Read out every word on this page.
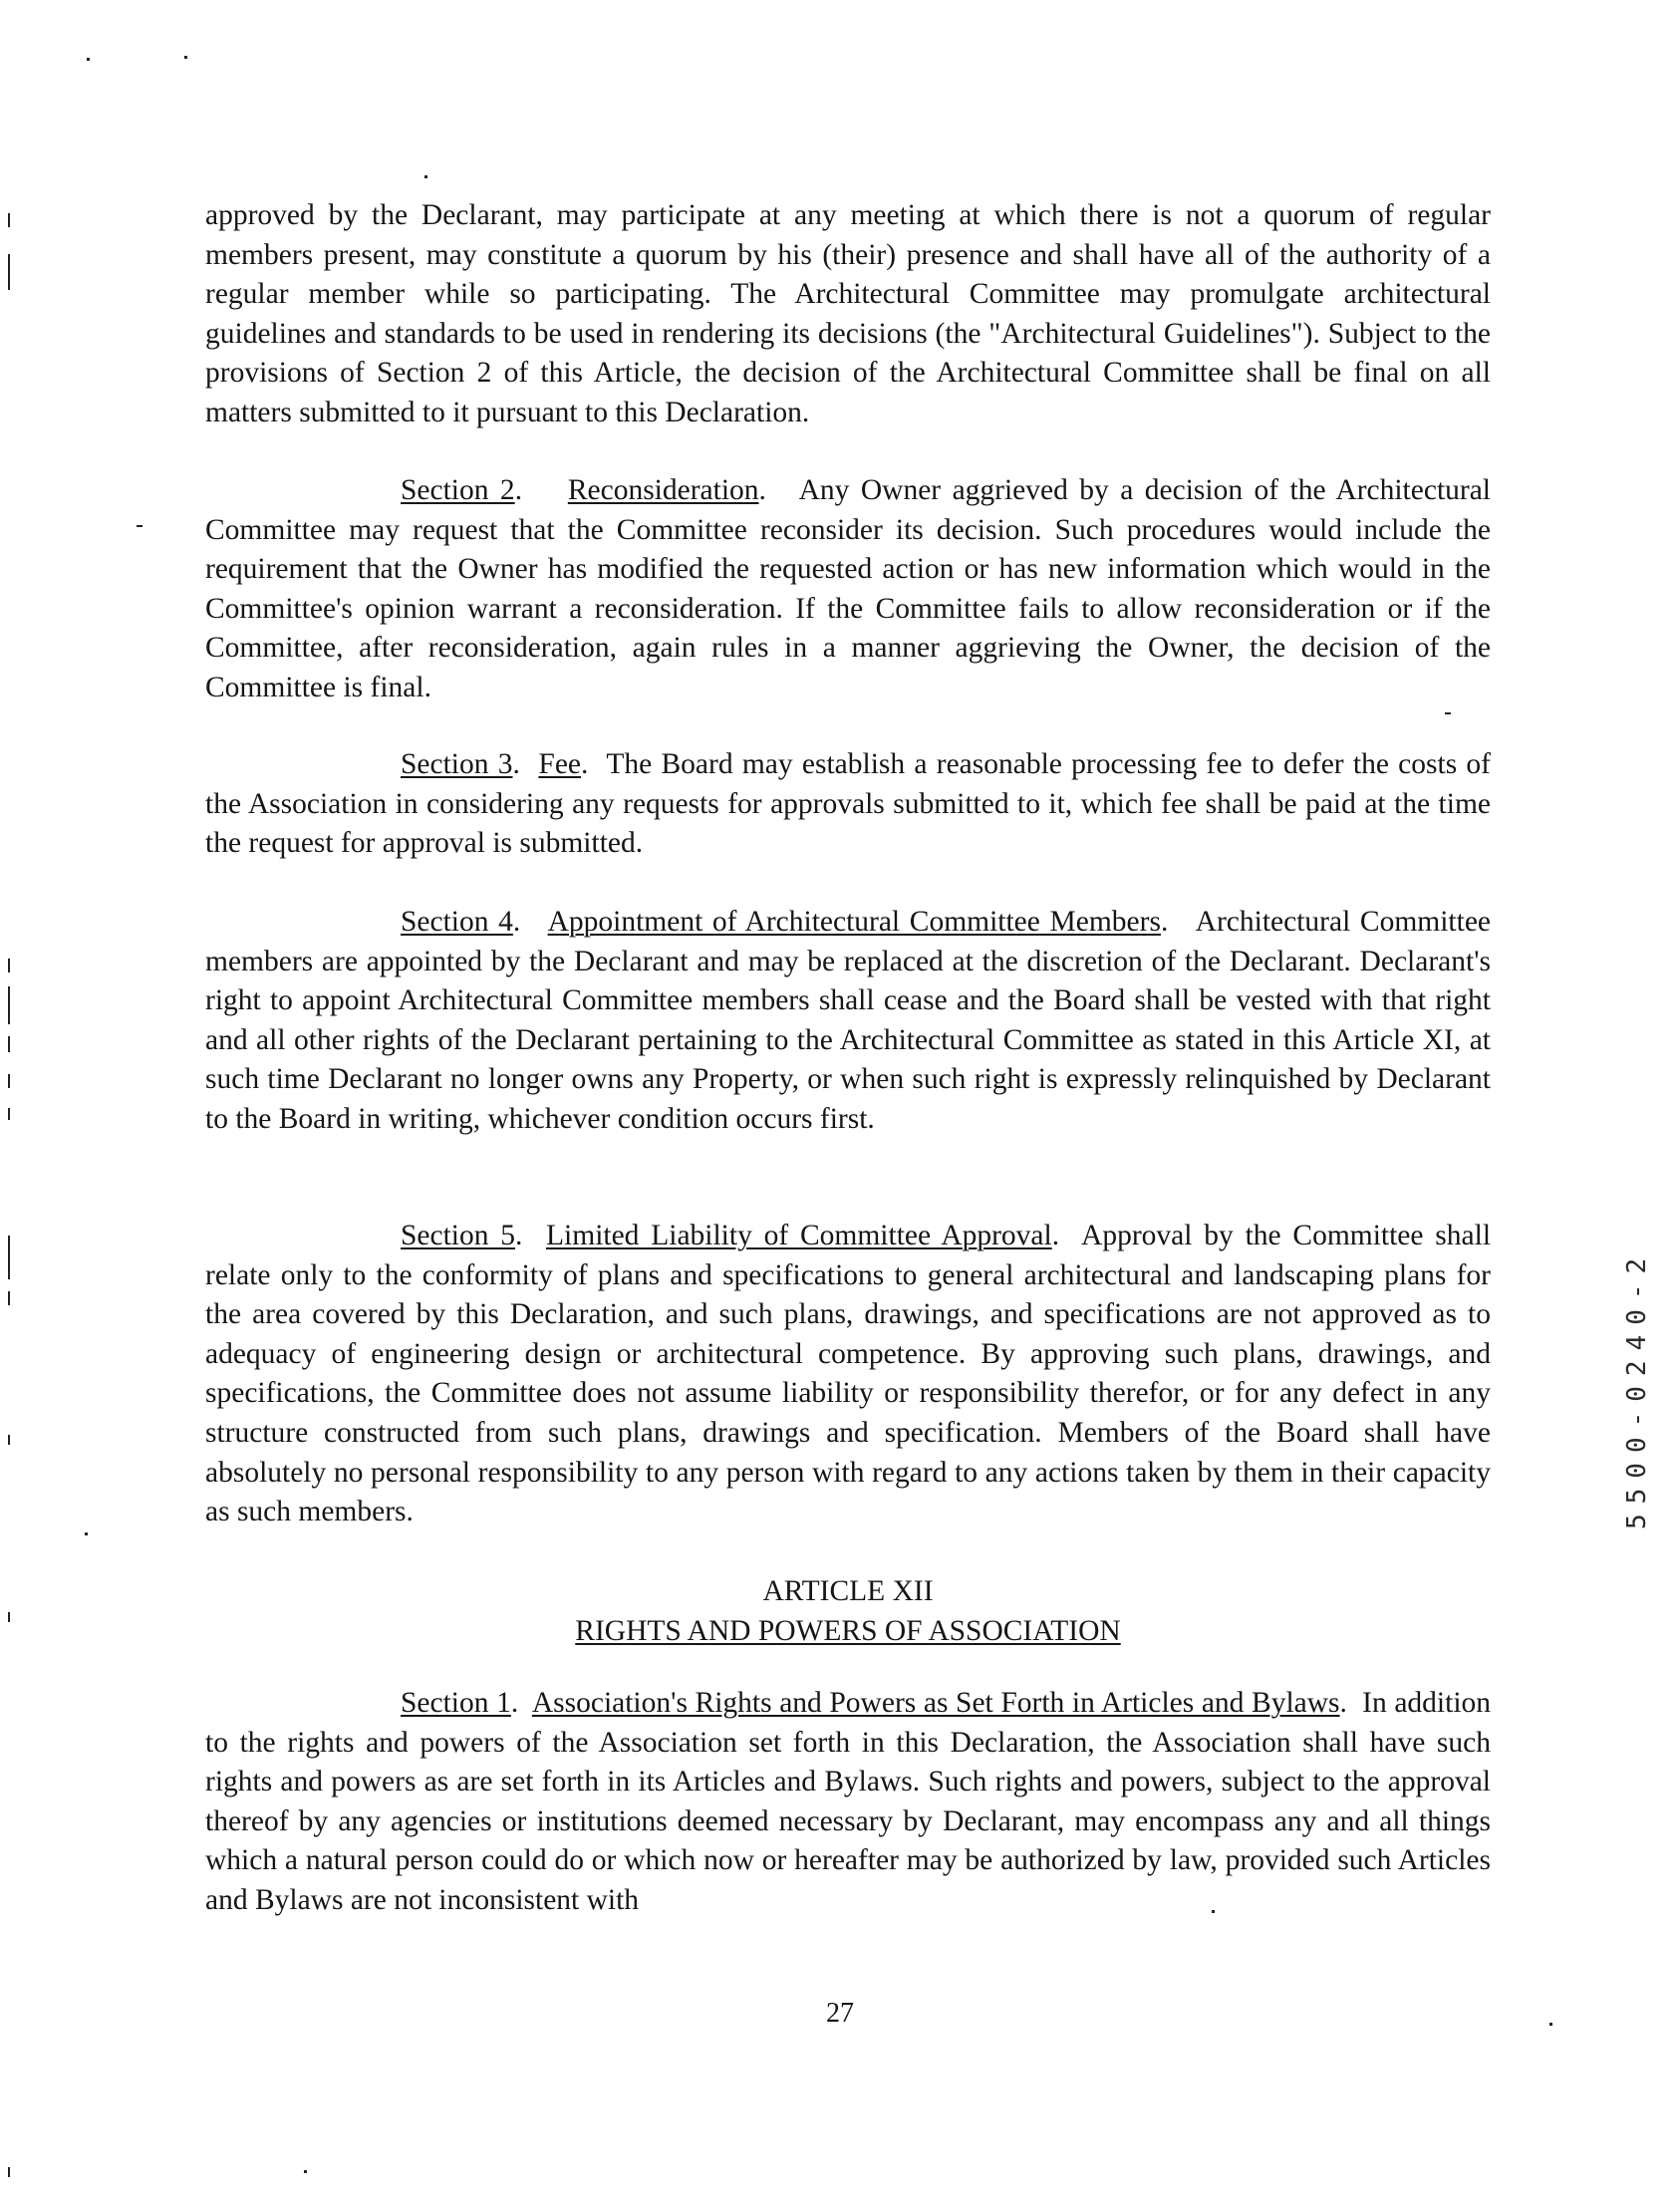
approved by the Declarant, may participate at any meeting at which there is not a quorum of regular members present, may constitute a quorum by his (their) presence and shall have all of the authority of a regular member while so participating. The Architectural Committee may promulgate architectural guidelines and standards to be used in rendering its decisions (the "Architectural Guidelines"). Subject to the provisions of Section 2 of this Article, the decision of the Architectural Committee shall be final on all matters submitted to it pursuant to this Declaration.

Section 2.    Reconsideration.   Any Owner aggrieved by a decision of the Architectural Committee may request that the Committee reconsider its decision. Such procedures would include the requirement that the Owner has modified the requested action or has new information which would in the Committee's opinion warrant a reconsideration. If the Committee fails to allow reconsideration or if the Committee, after reconsideration, again rules in a manner aggrieving the Owner, the decision of the Committee is final.

Section 3.  Fee.  The Board may establish a reasonable processing fee to defer the costs of the Association in considering any requests for approvals submitted to it, which fee shall be paid at the time the request for approval is submitted.

Section 4.   Appointment of Architectural Committee Members.   Architectural Committee members are appointed by the Declarant and may be replaced at the discretion of the Declarant. Declarant's right to appoint Architectural Committee members shall cease and the Board shall be vested with that right and all other rights of the Declarant pertaining to the Architectural Committee as stated in this Article XI, at such time Declarant no longer owns any Property, or when such right is expressly relinquished by Declarant to the Board in writing, whichever condition occurs first.

Section 5.  Limited Liability of Committee Approval.  Approval by the Committee shall relate only to the conformity of plans and specifications to general architectural and landscaping plans for the area covered by this Declaration, and such plans, drawings, and specifications are not approved as to adequacy of engineering design or architectural competence. By approving such plans, drawings, and specifications, the Committee does not assume liability or responsibility therefor, or for any defect in any structure constructed from such plans, drawings and specification. Members of the Board shall have absolutely no personal responsibility to any person with regard to any actions taken by them in their capacity as such members.

ARTICLE XII

RIGHTS AND POWERS OF ASSOCIATION

Section 1.  Association's Rights and Powers as Set Forth in Articles and Bylaws.  In addition to the rights and powers of the Association set forth in this Declaration, the Association shall have such rights and powers as are set forth in its Articles and Bylaws. Such rights and powers, subject to the approval thereof by any agencies or institutions deemed necessary by Declarant, may encompass any and all things which a natural person could do or which now or hereafter may be authorized by law, provided such Articles and Bylaws are not inconsistent with

27
5500-0240-2
